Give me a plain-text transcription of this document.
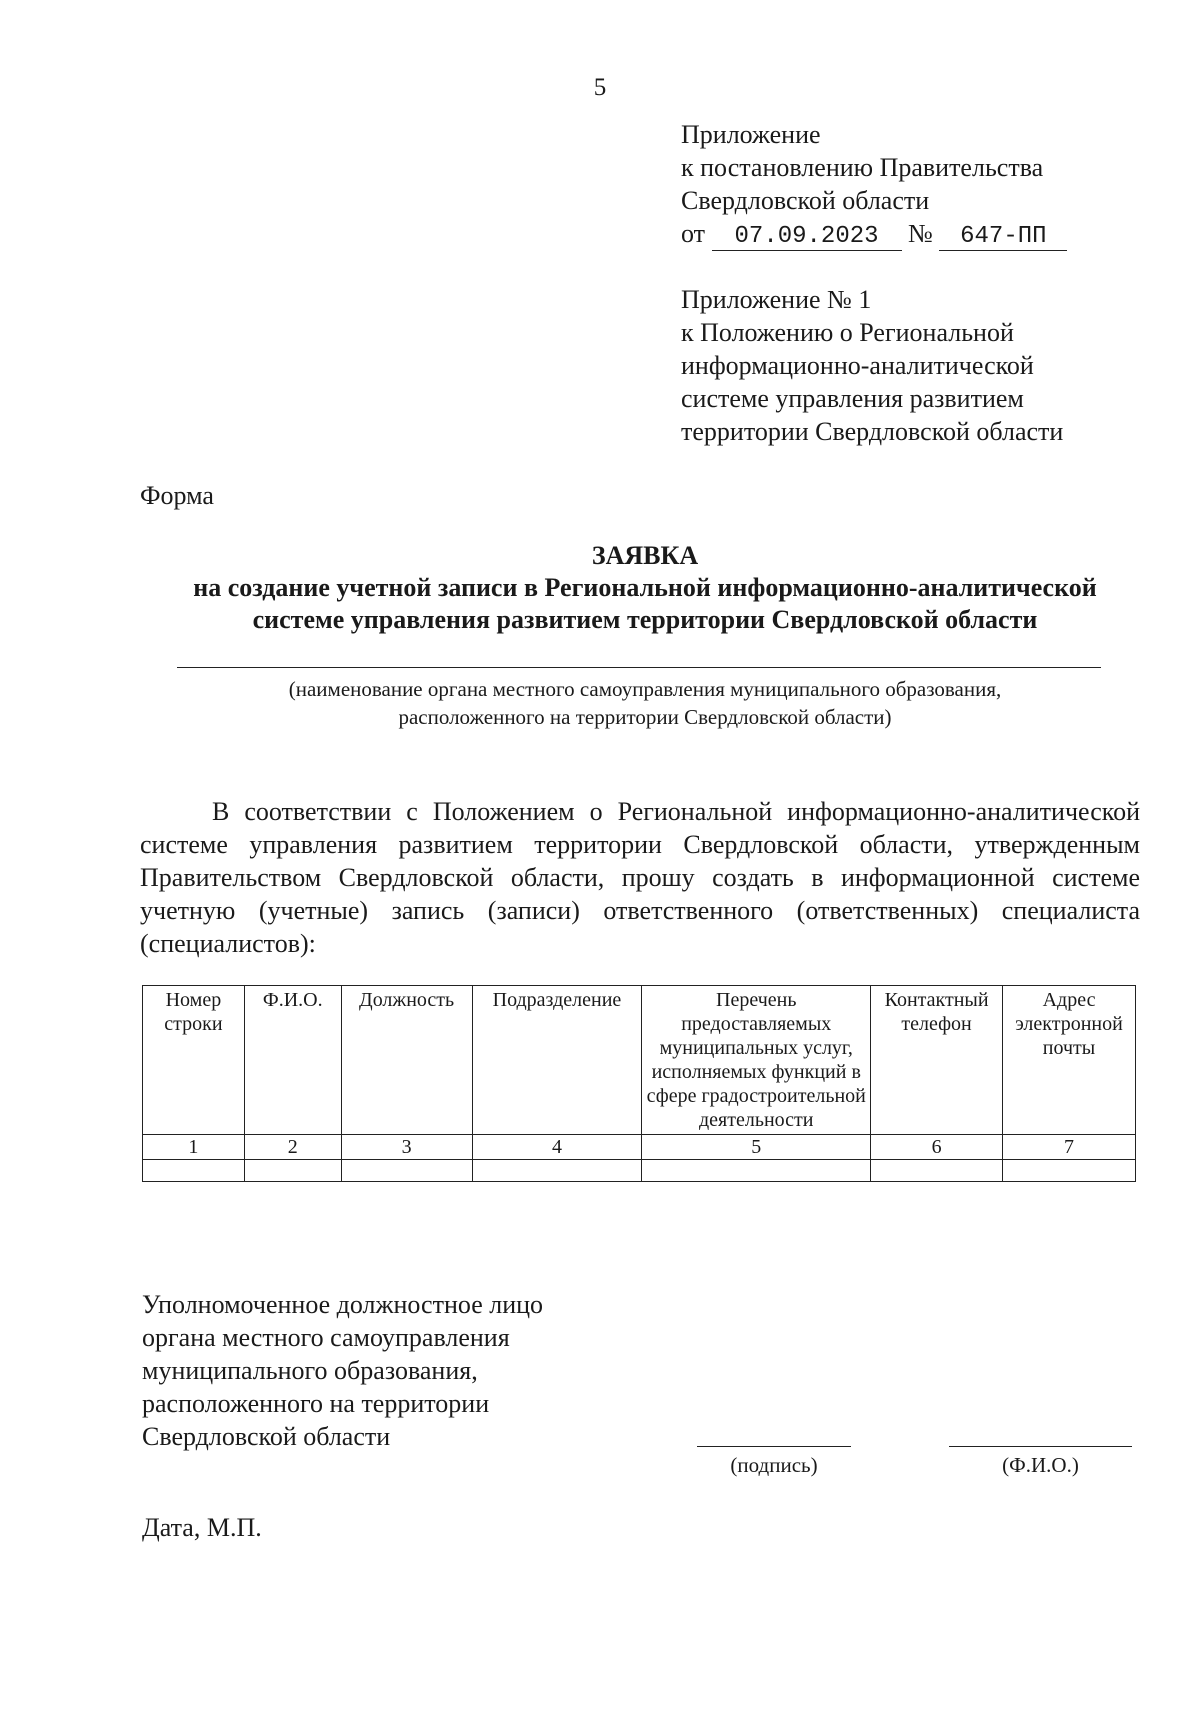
5
Приложение
к постановлению Правительства
Свердловской области
от 07.09.2023 № 647-ПП
Приложение № 1
к Положению о Региональной
информационно-аналитической
системе управления развитием
территории Свердловской области
Форма
ЗАЯВКА
на создание учетной записи в Региональной информационно-аналитической
системе управления развитием территории Свердловской области
(наименование органа местного самоуправления муниципального образования,
расположенного на территории Свердловской области)
В соответствии с Положением о Региональной информационно-аналитической системе управления развитием территории Свердловской области, утвержденным Правительством Свердловской области, прошу создать в информационной системе учетную (учетные) запись (записи) ответственного (ответственных) специалиста (специалистов):
Номер строки	Ф.И.О.	Должность	Подразделение	Перечень предоставляемых муниципальных услуг, исполняемых функций в сфере градостроительной деятельности	Контактный телефон	Адрес электронной почты
1	2	3	4	5	6	7

Уполномоченное должностное лицо
органа местного самоуправления
муниципального образования,
расположенного на территории
Свердловской области
(подпись)	(Ф.И.О.)
Дата, М.П.
